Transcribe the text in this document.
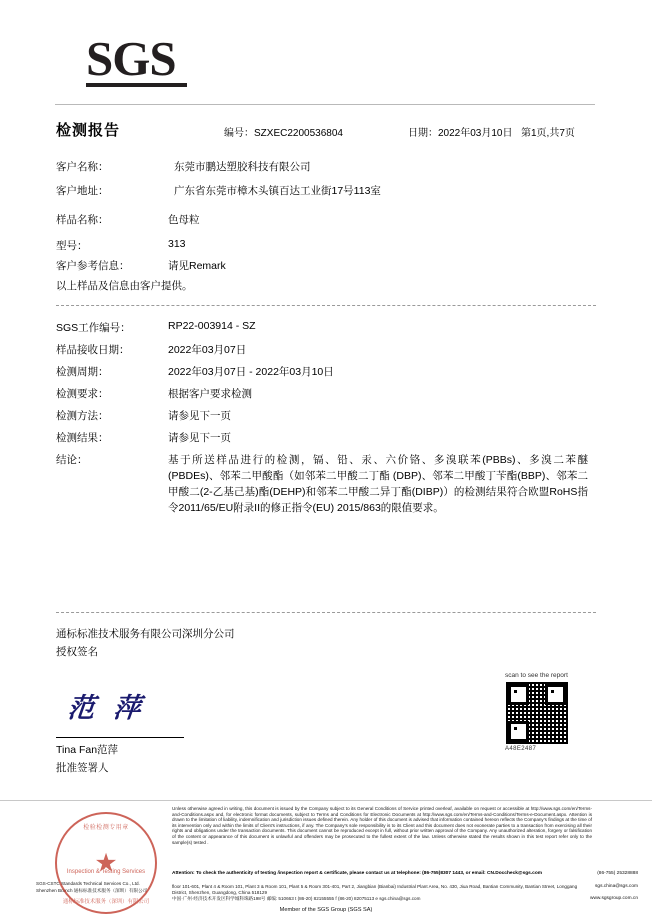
SGS
检测报告	编号：SZXEC2200536804	日期：2022年03月10日 第1页,共7页
客户名称：	东莞市鹏达塑胶科技有限公司
客户地址：	广东省东莞市樟木头镇百达工业街17号113室
样品名称：	色母粒
型号：	313
客户参考信息：	请见Remark
以上样品及信息由客户提供。
SGS工作编号：	RP22-003914 - SZ
样品接收日期：	2022年03月07日
检测周期：	2022年03月07日 - 2022年03月10日
检测要求：	根据客户要求检测
检测方法：	请参见下一页
检测结果：	请参见下一页
结论：	基于所送样品进行的检测，镉、铅、汞、六价铬、多溴联苯(PBBs)、多溴二苯醚(PBDEs)、邻苯二甲酸酯（如邻苯二甲酸二丁酯 (DBP)、邻苯二甲酸丁苄酯(BBP)、邻苯二甲酸二(2-乙基己基)酯(DEHP)和邻苯二甲酸二异丁酯(DIBP)）的检测结果符合欧盟RoHS指令2011/65/EU附录II的修正指令(EU) 2015/863的限值要求。
通标标准技术服务有限公司深圳分公司
授权签名
范 萍
Tina Fan范萍
批准签署人
scan to see the report
A48E2487
Unless otherwise agreed in writing, this document is issued by the Company subject to its General Conditions of Service printed overleaf, available on request or accessible at http://www.sgs.com/en/Terms-and-Conditions.aspx and, for electronic format documents, subject to Terms and Conditions for Electronic Documents at http://www.sgs.com/en/Terms-and-Conditions/Terms-e-Document.aspx. Attention is drawn to the limitation of liability, indemnification and jurisdiction issues defined therein. Any holder of this document is advised that information contained hereon reflects the Company's findings at the time of its intervention only and within the limits of Client's instructions, if any. The Company's sole responsibility is to its Client and this document does not exonerate parties to a transaction from exercising all their rights and obligations under the transaction documents. This document cannot be reproduced except in full, without prior written approval of the Company. Any unauthorized alteration, forgery or falsification of the content or appearance of this document is unlawful and offenders may be prosecuted to the fullest extent of the law. Unless otherwise stated the results shown in this test report refer only to the sample(s) tested .
Attention: To check the authenticity of testing /inspection report & certificate, please contact us at telephone: (86-755)8307 1443, or email: CN.Doccheck@sgs.com
floor 101-601, Plant 4 & Room 101, Plant 3 & Room 101, Plant 5 & Room 301-401, Part 2, Jiangbian (Bianbai) Industrial Plant Area, No. 430, Jiua Road, Bantian Community, Bantian Street, Longgang District, Shenzhen, Guangdong, China 518129
中国·广州·经济技术开发区科学城科珠路198号 邮编: 510663 t (86-20) 82155555 f (86-20) 82075113 e sgs.china@sgs.com
(86-755) 25328888
sgs.china@sgs.com
www.sgsgroup.com.cn
SGS-CSTC Standards Technical Services Co., Ltd.
Shenzhen Branch 通标标准技术服务（深圳）有限公司
Member of the SGS Group (SGS SA)
检验检测专用章
★
Inspection & Testing Services
通标标准技术服务（深圳）有限公司
